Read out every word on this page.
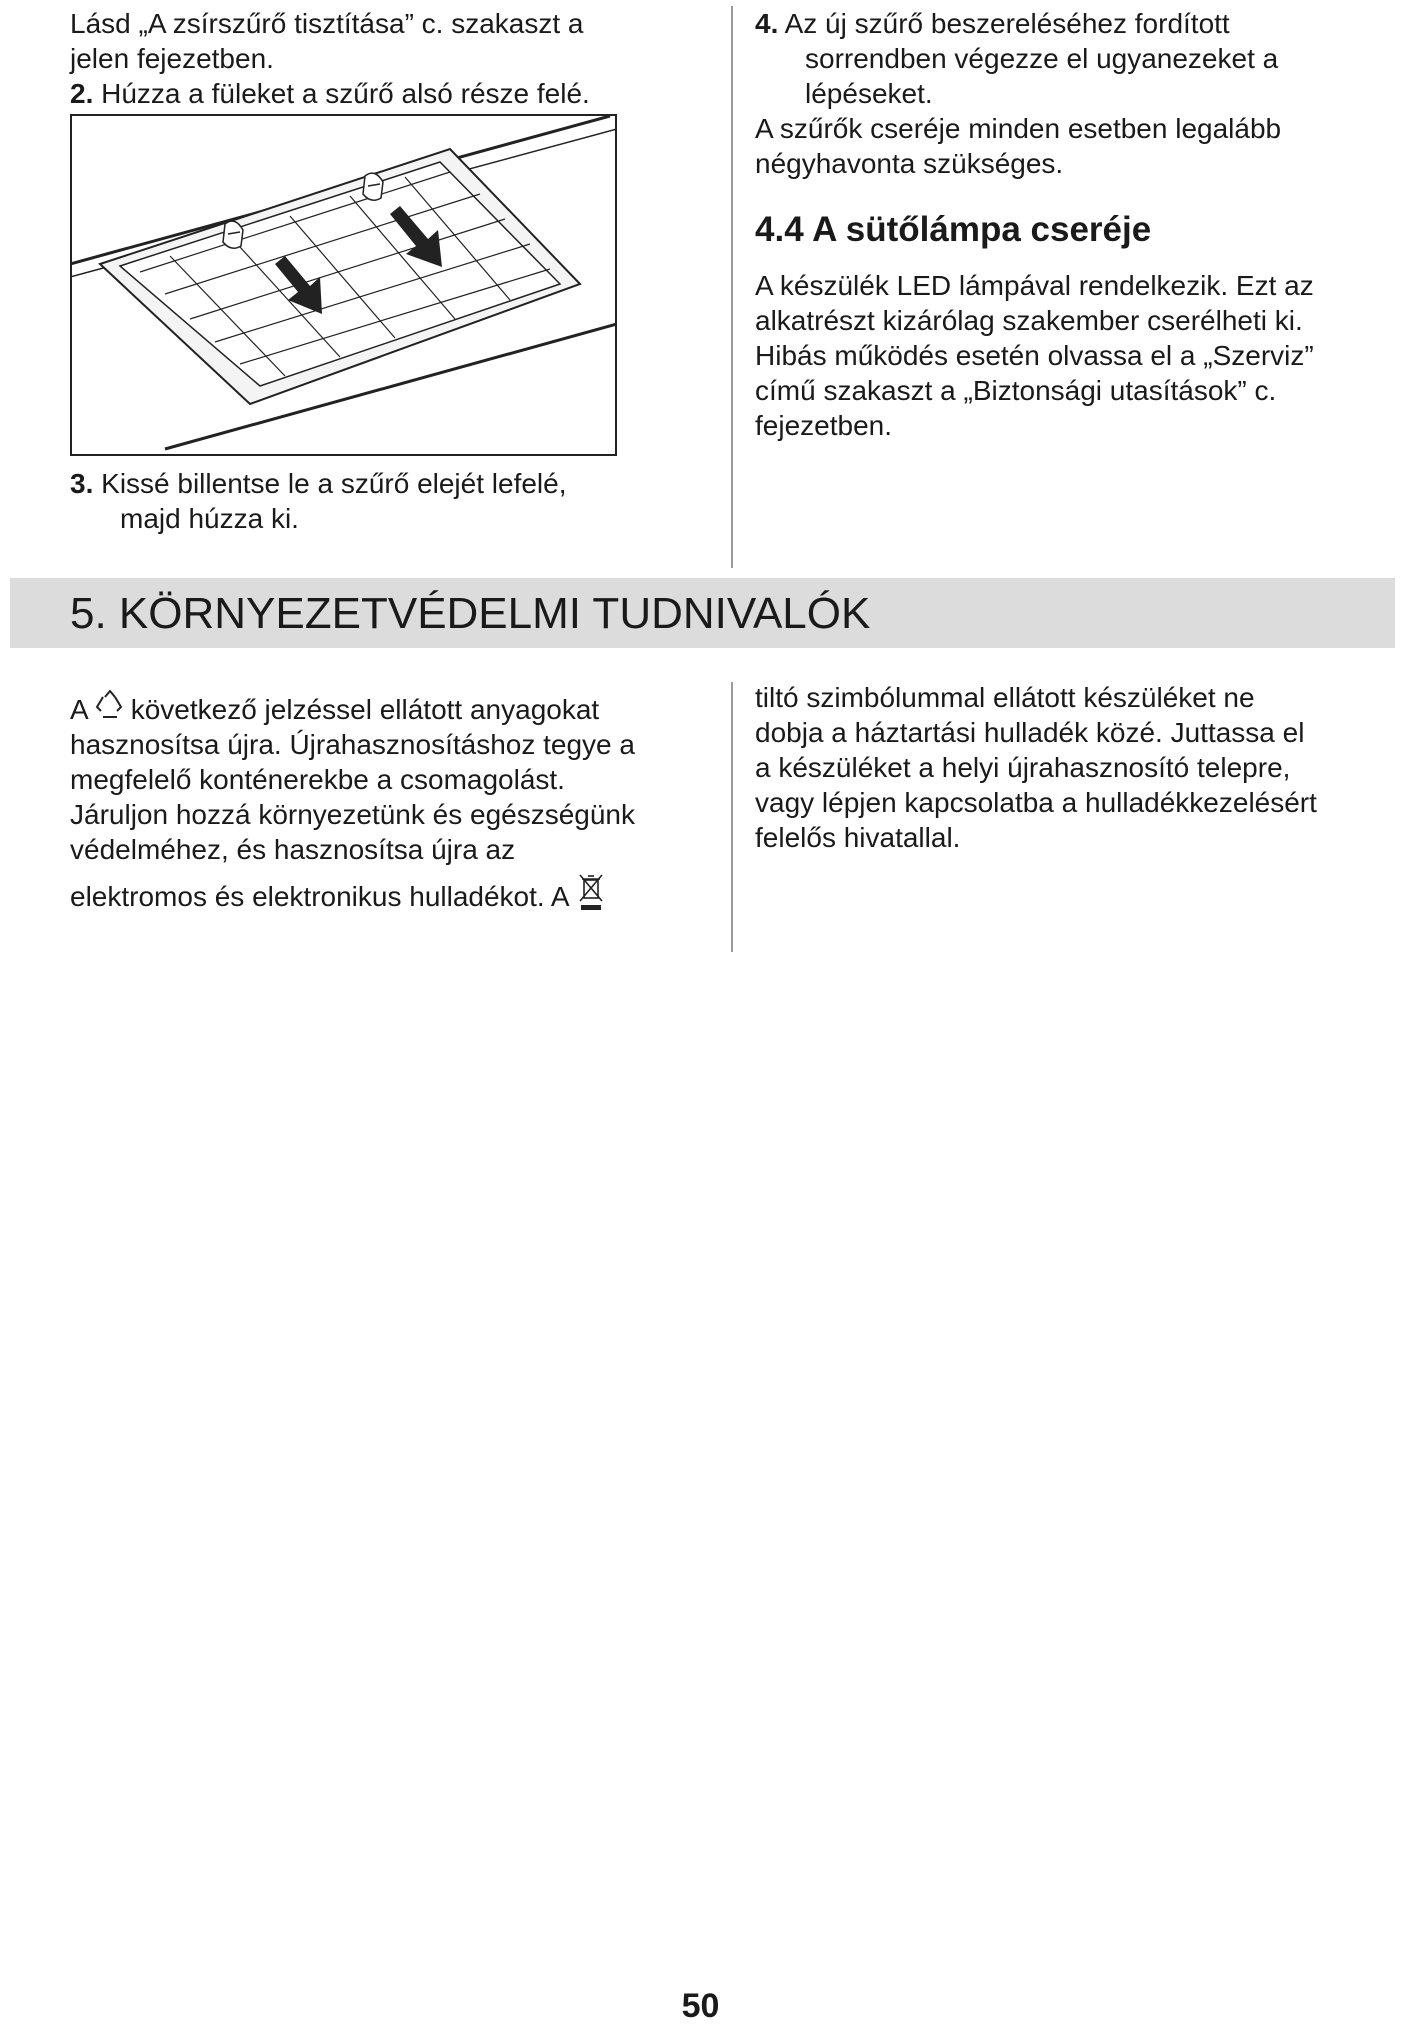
Lásd „A zsírszűrő tisztítása” c. szakaszt a

jelen fejezetben.

2. Húzza a füleket a szűrő alsó része felé.

3. Kissé billentse le a szűrő elejét lefelé,

majd húzza ki.

4. Az új szűrő beszereléséhez fordított

sorrendben végezze el ugyanezeket a

lépéseket.

A szűrők cseréje minden esetben legalább

négyhavonta szükséges.

4.4 A sütőlámpa cseréje

A készülék LED lámpával rendelkezik. Ezt az

alkatrészt kizárólag szakember cserélheti ki.

Hibás működés esetén olvassa el a „Szerviz”

című szakaszt a „Biztonsági utasítások” c.

fejezetben.

5. KÖRNYEZETVÉDELMI TUDNIVALÓK

A következő jelzéssel ellátott anyagokat

hasznosítsa újra. Újrahasznosításhoz tegye a

megfelelő konténerekbe a csomagolást.

Járuljon hozzá környezetünk és egészségünk

védelméhez, és hasznosítsa újra az

elektromos és elektronikus hulladékot. A

tiltó szimbólummal ellátott készüléket ne

dobja a háztartási hulladék közé. Juttassa el

a készüléket a helyi újrahasznosító telepre,

vagy lépjen kapcsolatba a hulladékkezelésért

felelős hivatallal.

50
